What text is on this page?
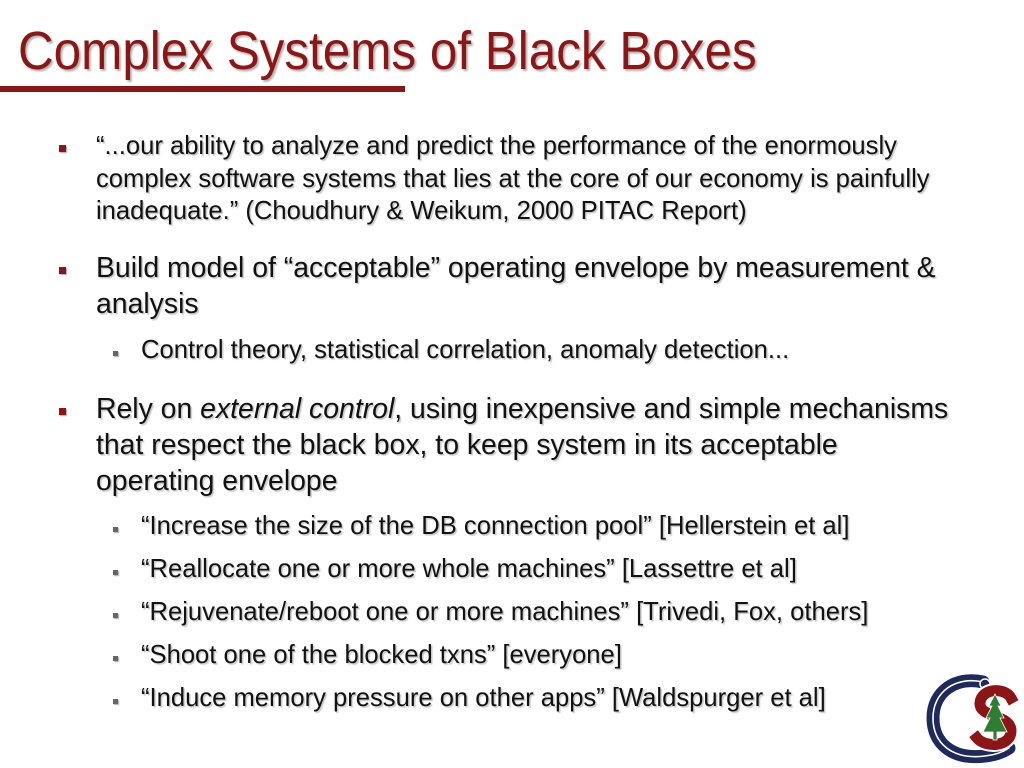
Complex Systems of Black Boxes
“...our ability to analyze and predict the performance of the enormously
complex software systems that lies at the core of our economy is painfully
inadequate.” (Choudhury & Weikum, 2000 PITAC Report)
Build model of “acceptable” operating envelope by measurement &
analysis
Control theory, statistical correlation, anomaly detection...
Rely on external control, using inexpensive and simple mechanisms
that respect the black box, to keep system in its acceptable
operating envelope
“Increase the size of the DB connection pool” [Hellerstein et al]
“Reallocate one or more whole machines” [Lassettre et al]
“Rejuvenate/reboot one or more machines” [Trivedi, Fox, others]
“Shoot one of the blocked txns” [everyone]
“Induce memory pressure on other apps” [Waldspurger et al]
